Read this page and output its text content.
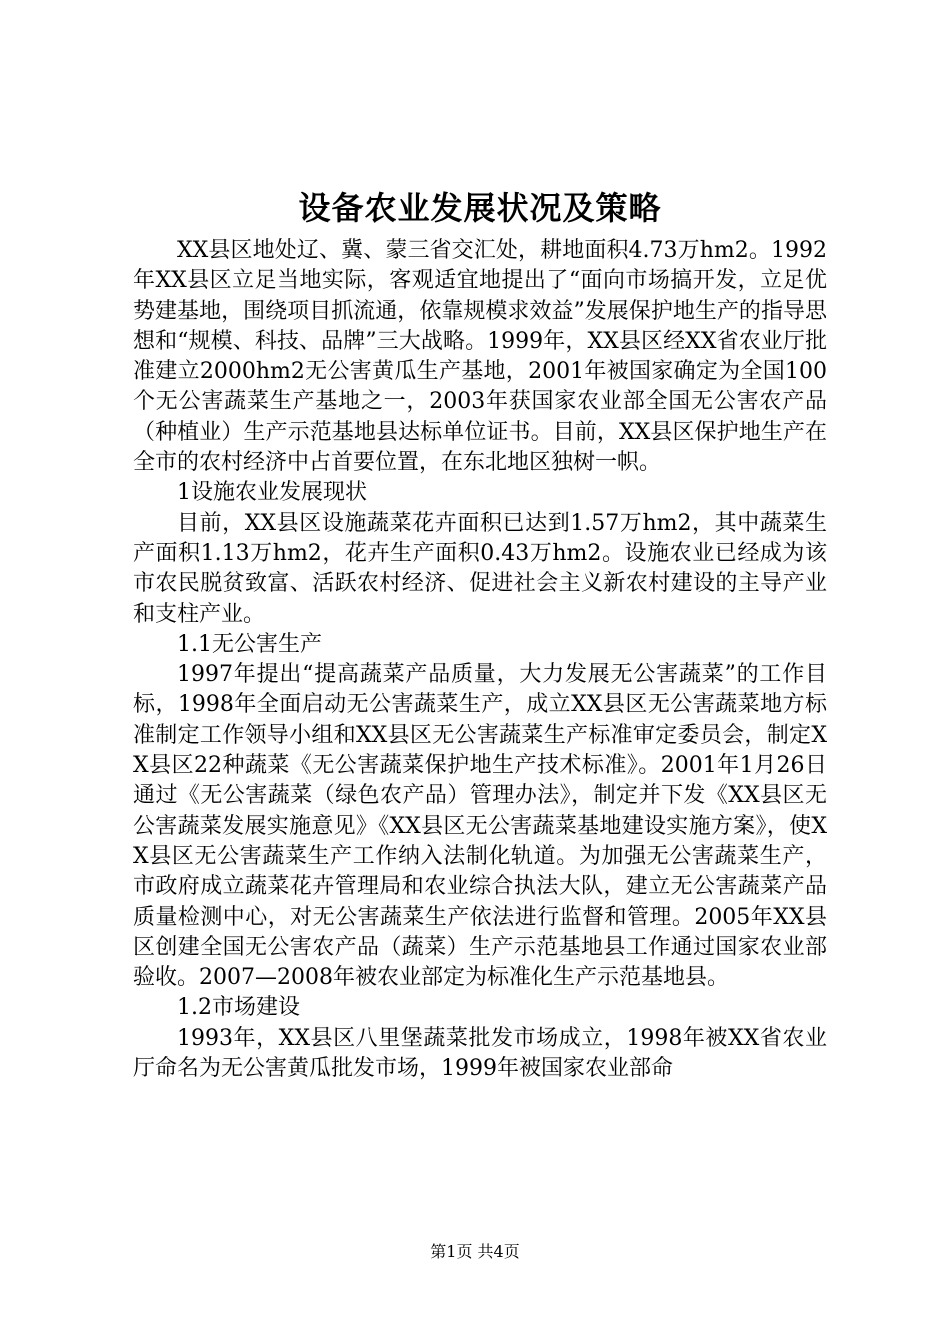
设备农业发展状况及策略

XX县区地处辽、冀、蒙三省交汇处，耕地面积4.73万hm2。1992年XX县区立足当地实际，客观适宜地提出了“面向市场搞开发，立足优势建基地，围绕项目抓流通，依靠规模求效益”发展保护地生产的指导思想和“规模、科技、品牌”三大战略。1999年，XX县区经XX省农业厅批准建立2000hm2无公害黄瓜生产基地，2001年被国家确定为全国100个无公害蔬菜生产基地之一，2003年获国家农业部全国无公害农产品（种植业）生产示范基地县达标单位证书。目前，XX县区保护地生产在全市的农村经济中占首要位置，在东北地区独树一帜。

1设施农业发展现状

目前，XX县区设施蔬菜花卉面积已达到1.57万hm2，其中蔬菜生产面积1.13万hm2，花卉生产面积0.43万hm2。设施农业已经成为该市农民脱贫致富、活跃农村经济、促进社会主义新农村建设的主导产业和支柱产业。

1.1无公害生产

1997年提出“提高蔬菜产品质量，大力发展无公害蔬菜”的工作目标，1998年全面启动无公害蔬菜生产，成立XX县区无公害蔬菜地方标准制定工作领导小组和XX县区无公害蔬菜生产标准审定委员会，制定XX县区22种蔬菜《无公害蔬菜保护地生产技术标准》。2001年1月26日通过《无公害蔬菜（绿色农产品）管理办法》，制定并下发《XX县区无公害蔬菜发展实施意见》《XX县区无公害蔬菜基地建设实施方案》，使XX县区无公害蔬菜生产工作纳入法制化轨道。为加强无公害蔬菜生产，市政府成立蔬菜花卉管理局和农业综合执法大队，建立无公害蔬菜产品质量检测中心，对无公害蔬菜生产依法进行监督和管理。2005年XX县区创建全国无公害农产品（蔬菜）生产示范基地县工作通过国家农业部验收。2007—2008年被农业部定为标准化生产示范基地县。

1.2市场建设

1993年，XX县区八里堡蔬菜批发市场成立，1998年被XX省农业厅命名为无公害黄瓜批发市场，1999年被国家农业部命

第1页 共4页
